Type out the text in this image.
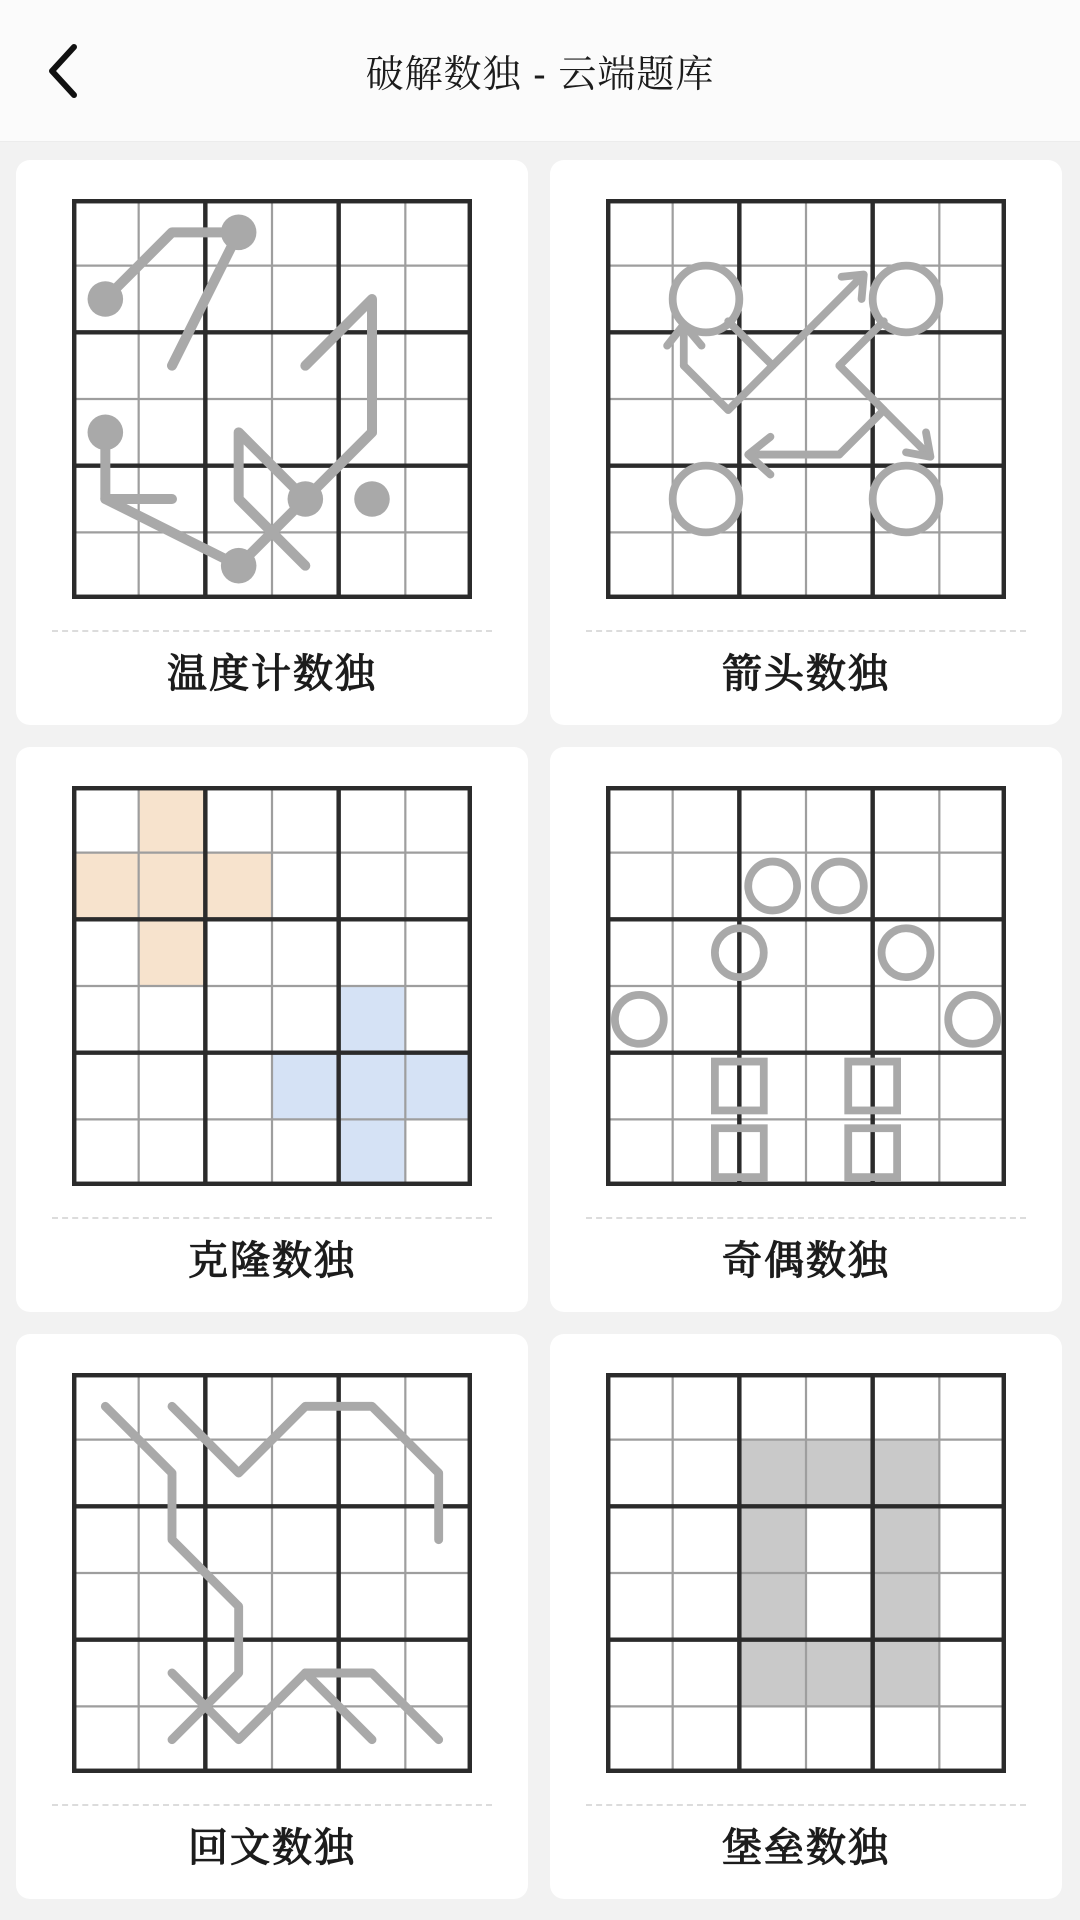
破解数独 - 云端题库
温度计数独	箭头数独
克隆数独	奇偶数独
回文数独	堡垒数独
